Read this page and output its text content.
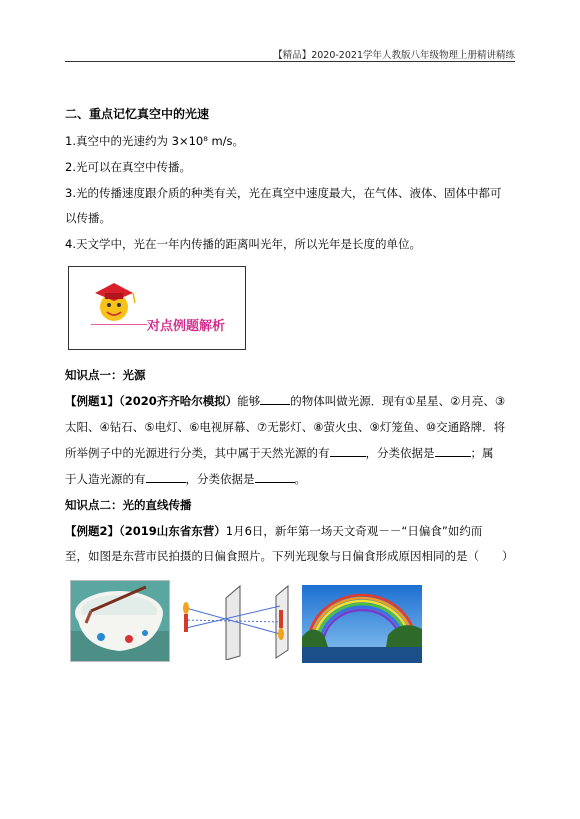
【精品】2020-2021学年人教版八年级物理上册精讲精练
二、重点记忆真空中的光速
1.真空中的光速约为 3×10⁸ m/s。
2.光可以在真空中传播。
3.光的传播速度跟介质的种类有关，光在真空中速度最大，在气体、液体、固体中都可
以传播。
4.天文学中，光在一年内传播的距离叫光年，所以光年是长度的单位。
对点例题解析
知识点一：光源
【例题1】（2020齐齐哈尔模拟）能够	的物体叫做光源．现有①星星、②月亮、③
太阳、④钻石、⑤电灯、⑥电视屏幕、⑦无影灯、⑧萤火虫、⑨灯笼鱼、⑩交通路牌．将
所举例子中的光源进行分类，其中属于天然光源的有	，分类依据是	；属
于人造光源的有	，分类依据是	。
知识点二：光的直线传播
【例题2】（2019山东省东营）1月6日，新年第一场天文奇观－－“日偏食”如约而
至，如图是东营市民拍摄的日偏食照片。下列光现象与日偏食形成原因相同的是（　　）
